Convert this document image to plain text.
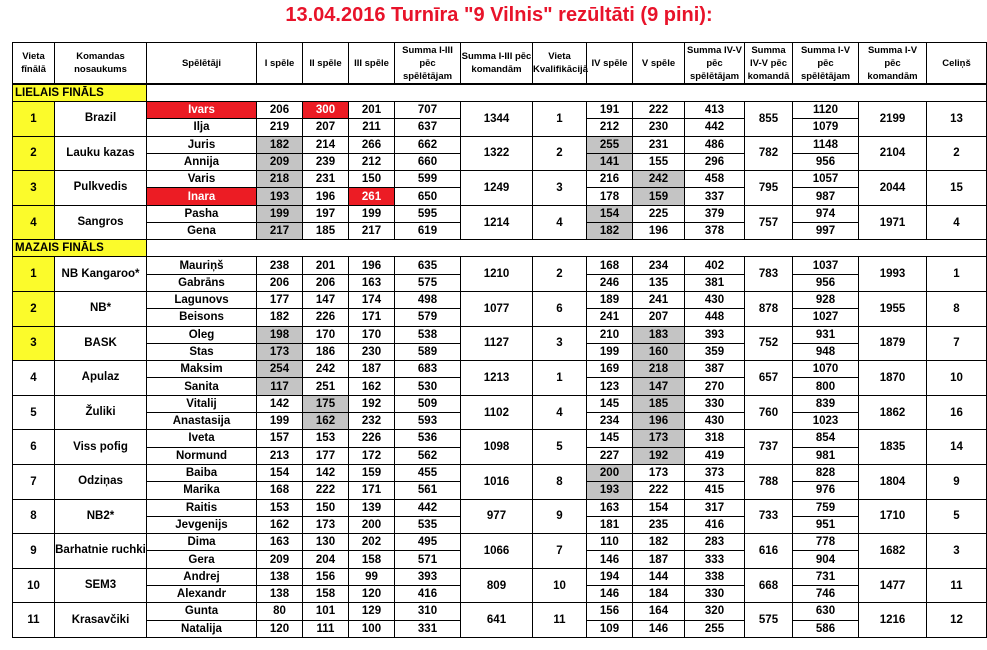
13.04.2016 Turnīra "9 Vilnis" rezūltāti (9 pini):
Vieta fīnālā	Komandas nosaukums	Spēlētāji	I spēle	II spēle	III spēle	Summa I-III pēc spēlētājam	Summa I-III pēc komandām	Vieta Kvalifikācijā	IV spēle	V spēle	Summa IV-V pēc spēlētājam	Summa IV-V pēc komandā	Summa I-V pēc spēlētājam	Summa I-V pēc komandām	Celiņš
LIELAIS FINĀLS															
1	Brazil	Ivars	206	300	201	707	1344	1	191	222	413	855	1120	2199	13
		Ilja	219	207	211	637			212	230	442		1079		
2	Lauku kazas	Juris	182	214	266	662	1322	2	255	231	486	782	1148	2104	2
		Annija	209	239	212	660			141	155	296		956		
3	Pulkvedis	Varis	218	231	150	599	1249	3	216	242	458	795	1057	2044	15
		Inara	193	196	261	650			178	159	337		987		
4	Sangros	Pasha	199	197	199	595	1214	4	154	225	379	757	974	1971	4
		Gena	217	185	217	619			182	196	378		997		
MAZAIS FINĀLS															
1	NB Kangaroo*	Mauriņš	238	201	196	635	1210	2	168	234	402	783	1037	1993	1
		Gabrāns	206	206	163	575			246	135	381		956		
2	NB*	Lagunovs	177	147	174	498	1077	6	189	241	430	878	928	1955	8
		Beisons	182	226	171	579			241	207	448		1027		
3	BASK	Oleg	198	170	170	538	1127	3	210	183	393	752	931	1879	7
		Stas	173	186	230	589			199	160	359		948		
4	Apulaz	Maksim	254	242	187	683	1213	1	169	218	387	657	1070	1870	10
		Sanita	117	251	162	530			123	147	270		800		
5	Žuliki	Vitalij	142	175	192	509	1102	4	145	185	330	760	839	1862	16
		Anastasija	199	162	232	593			234	196	430		1023		
6	Viss pofig	Iveta	157	153	226	536	1098	5	145	173	318	737	854	1835	14
		Normund	213	177	172	562			227	192	419		981		
7	Odziņas	Baiba	154	142	159	455	1016	8	200	173	373	788	828	1804	9
		Marika	168	222	171	561			193	222	415		976		
8	NB2*	Raitis	153	150	139	442	977	9	163	154	317	733	759	1710	5
		Jevgenijs	162	173	200	535			181	235	416		951		
9	Barhatnie ruchki	Dima	163	130	202	495	1066	7	110	182	283	616	778	1682	3
		Gera	209	204	158	571			146	187	333		904		
10	SEM3	Andrej	138	156	99	393	809	10	194	144	338	668	731	1477	11
		Alexandr	138	158	120	416			146	184	330		746		
11	Krasavčiki	Gunta	80	101	129	310	641	11	156	164	320	575	630	1216	12
		Natalija	120	111	100	331			109	146	255		586		
